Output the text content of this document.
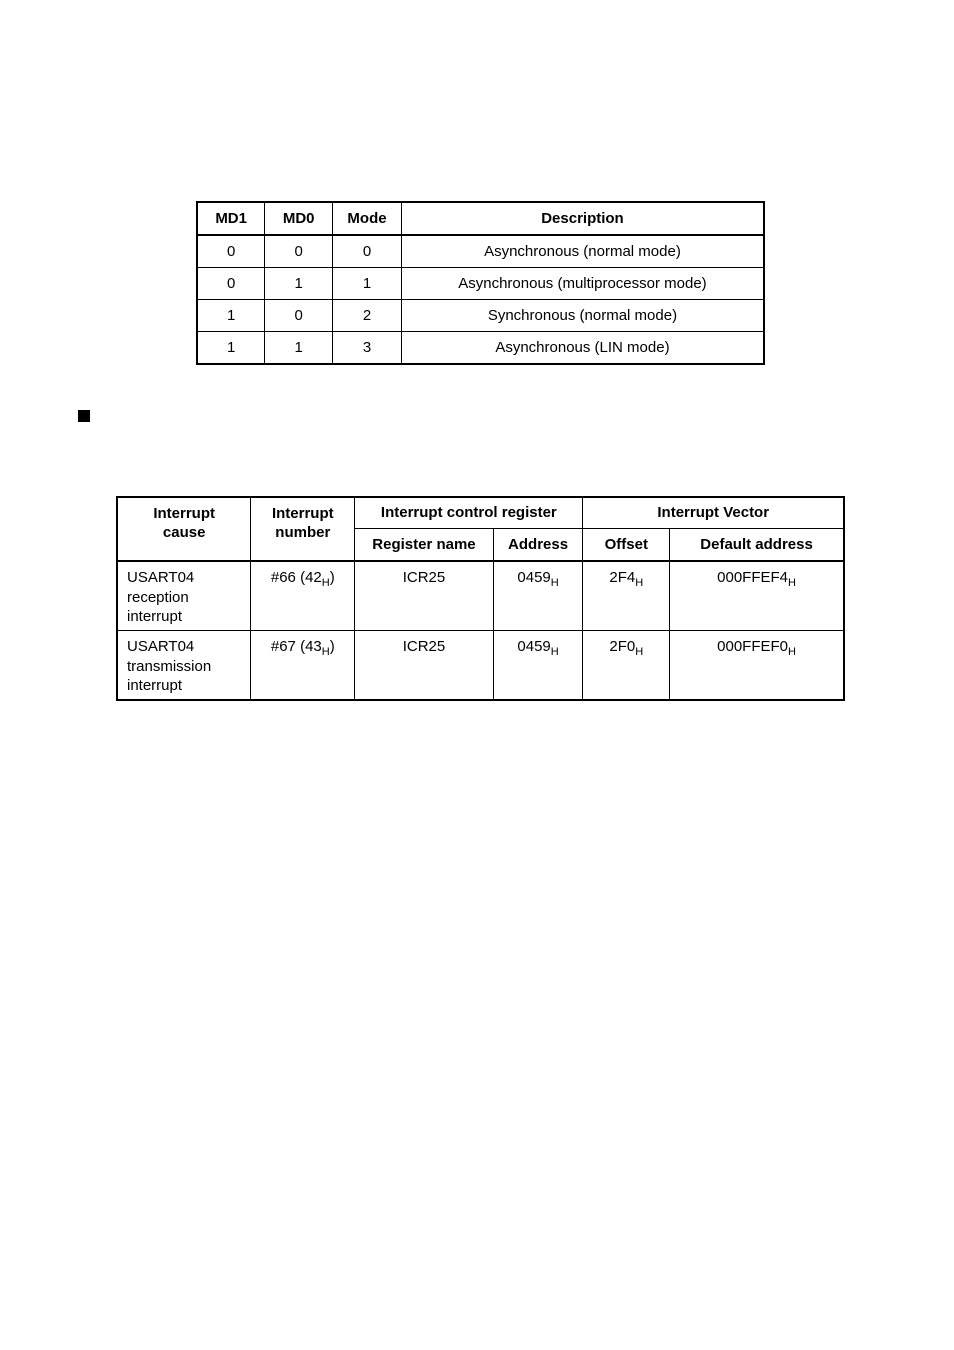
MD1	MD0	Mode	Description
0	0	0	Asynchronous (normal mode)
0	1	1	Asynchronous (multiprocessor mode)
1	0	2	Synchronous (normal mode)
1	1	3	Asynchronous (LIN mode)
Interrupt cause	Interrupt number	Interrupt control register		Interrupt Vector	
		Register name	Address	Offset	Default address
USART04 reception interrupt	#66 $(42_H)$	ICR25	$0459_H$	$2F4_H$	$000FFEF4_H$
USART04 transmission interrupt	#67 $(43_H)$	ICR25	$0459_H$	$2F0_H$	$000FFEF0_H$
